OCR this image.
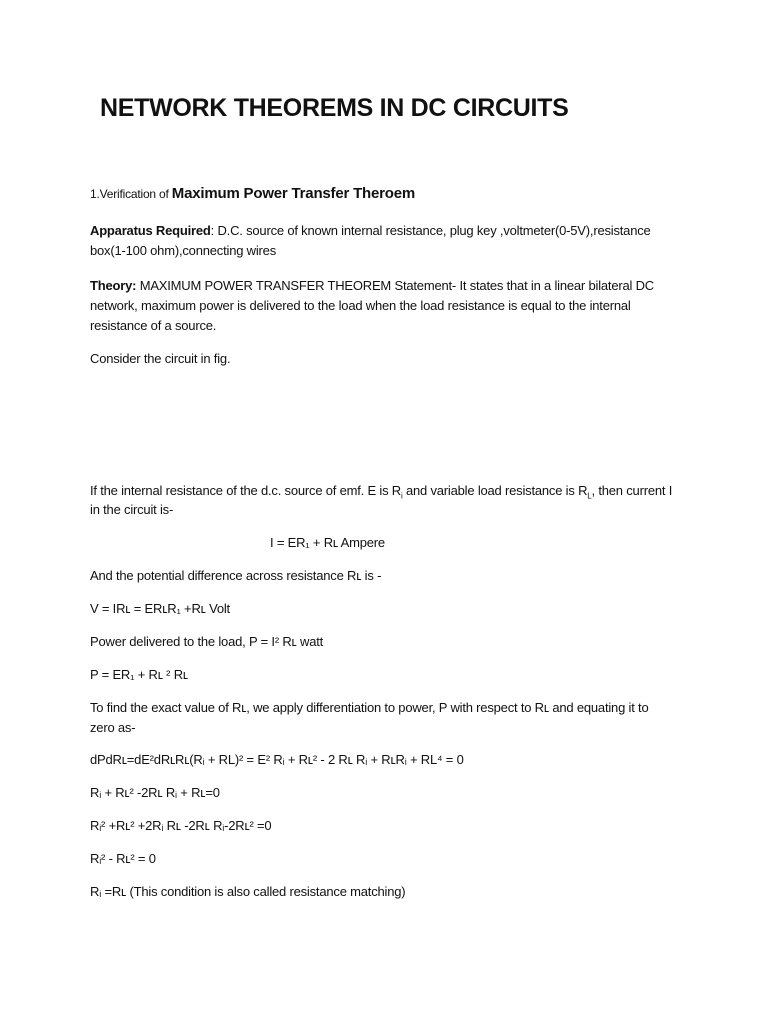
NETWORK THEOREMS IN DC CIRCUITS

1.Verification of Maximum Power Transfer Theroem

Apparatus Required: D.C. source of known internal resistance, plug key ,voltmeter(0-5V),resistance

box(1-100 ohm),connecting wires

Theory: MAXIMUM POWER TRANSFER THEOREM Statement- It states that in a linear bilateral DC

network, maximum power is delivered to the load when the load resistance is equal to the internal

resistance of a source.

Consider the circuit in fig.

If the internal resistance of the d.c. source of emf. E is $R_i$ and variable load resistance is $R_L$, then current I

in the circuit is-

I = ER₁ + Rʟ Ampere

And the potential difference across resistance Rʟ is -

V = IRʟ = ERʟR₁ +Rʟ Volt

Power delivered to the load, P = I² Rʟ watt

P = ER₁ + Rʟ ² Rʟ

To find the exact value of Rʟ, we apply differentiation to power, P with respect to Rʟ and equating it to

zero as-

dPdRʟ=dE²dRʟRʟ(Rᵢ + RL)² = E² Rᵢ + Rʟ² - 2 Rʟ Rᵢ + RʟRᵢ + RL⁴ = 0

Rᵢ + Rʟ² -2Rʟ Rᵢ + Rʟ=0

Rᵢ² +Rʟ² +2Rᵢ Rʟ -2Rʟ Rᵢ-2Rʟ² =0

Rᵢ² - Rʟ² = 0

Rᵢ =Rʟ (This condition is also called resistance matching)
